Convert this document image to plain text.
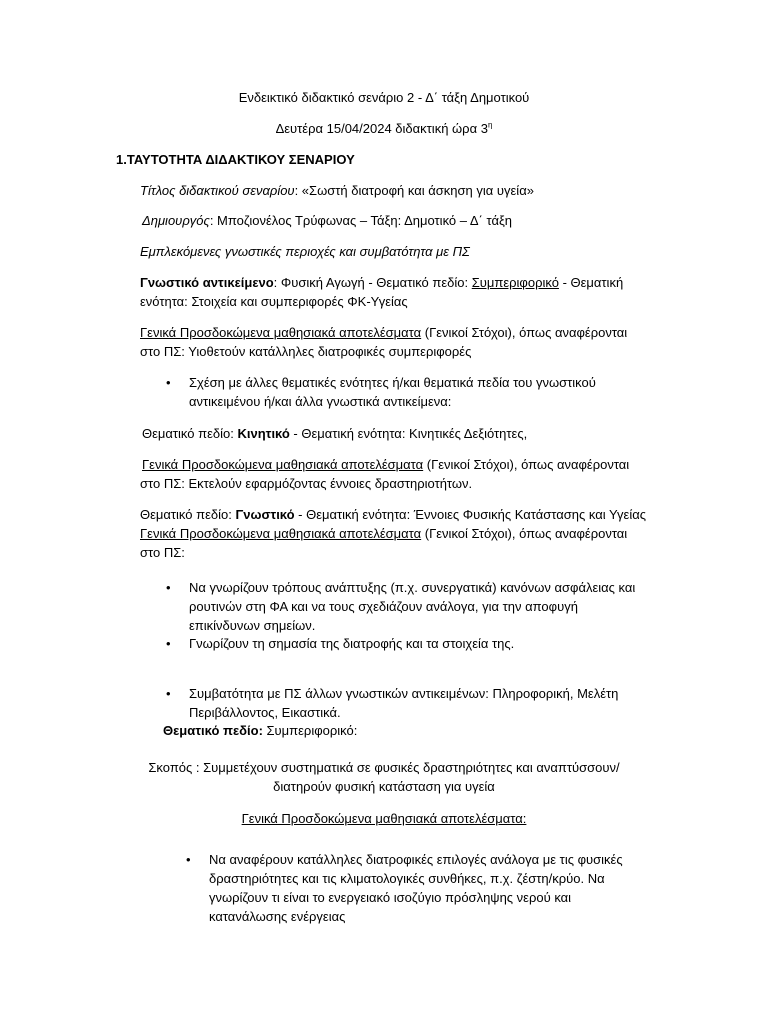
Ενδεικτικό διδακτικό σενάριο 2 - Δ΄ τάξη Δημοτικού
Δευτέρα 15/04/2024 διδακτική ώρα $3^\eta$
1.ΤΑΥΤΟΤΗΤΑ ΔΙΔΑΚΤΙΚΟΥ ΣΕΝΑΡΙΟΥ
Τίτλος διδακτικού σεναρίου: «Σωστή διατροφή και άσκηση για υγεία»
Δημιουργός: Μποζιονέλος Τρύφωνας – Τάξη: Δημοτικό – Δ΄ τάξη
Εμπλεκόμενες γνωστικές περιοχές και συμβατότητα με ΠΣ
Γνωστικό αντικείμενο: Φυσική Αγωγή - Θεματικό πεδίο: Συμπεριφορικό - Θεματική
ενότητα: Στοιχεία και συμπεριφορές ΦΚ-Υγείας
Γενικά Προσδοκώμενα μαθησιακά αποτελέσματα (Γενικοί Στόχοι), όπως αναφέρονται
στο ΠΣ: Υιοθετούν κατάλληλες διατροφικές συμπεριφορές
• Σχέση με άλλες θεματικές ενότητες ή/και θεματικά πεδία του γνωστικού
αντικειμένου ή/και άλλα γνωστικά αντικείμενα:
Θεματικό πεδίο: Κινητικό - Θεματική ενότητα: Κινητικές Δεξιότητες,
Γενικά Προσδοκώμενα μαθησιακά αποτελέσματα (Γενικοί Στόχοι), όπως αναφέρονται
στο ΠΣ: Εκτελούν εφαρμόζοντας έννοιες δραστηριοτήτων.
Θεματικό πεδίο: Γνωστικό - Θεματική ενότητα: Έννοιες Φυσικής Κατάστασης και Υγείας
Γενικά Προσδοκώμενα μαθησιακά αποτελέσματα (Γενικοί Στόχοι), όπως αναφέρονται
στο ΠΣ:
• Να γνωρίζουν τρόπους ανάπτυξης (π.χ. συνεργατικά) κανόνων ασφάλειας και
ρουτινών στη ΦΑ και να τους σχεδιάζουν ανάλογα, για την αποφυγή
επικίνδυνων σημείων.
• Γνωρίζουν τη σημασία της διατροφής και τα στοιχεία της.
• Συμβατότητα με ΠΣ άλλων γνωστικών αντικειμένων: Πληροφορική, Μελέτη
Περιβάλλοντος, Εικαστικά.
Θεματικό πεδίο: Συμπεριφορικό:
Σκοπός : Συμμετέχουν συστηματικά σε φυσικές δραστηριότητες και αναπτύσσουν/
διατηρούν φυσική κατάσταση για υγεία
Γενικά Προσδοκώμενα μαθησιακά αποτελέσματα:
• Να αναφέρουν κατάλληλες διατροφικές επιλογές ανάλογα με τις φυσικές
δραστηριότητες και τις κλιματολογικές συνθήκες, π.χ. ζέστη/κρύο. Να
γνωρίζουν τι είναι το ενεργειακό ισοζύγιο πρόσληψης νερού και
κατανάλωσης ενέργειας
